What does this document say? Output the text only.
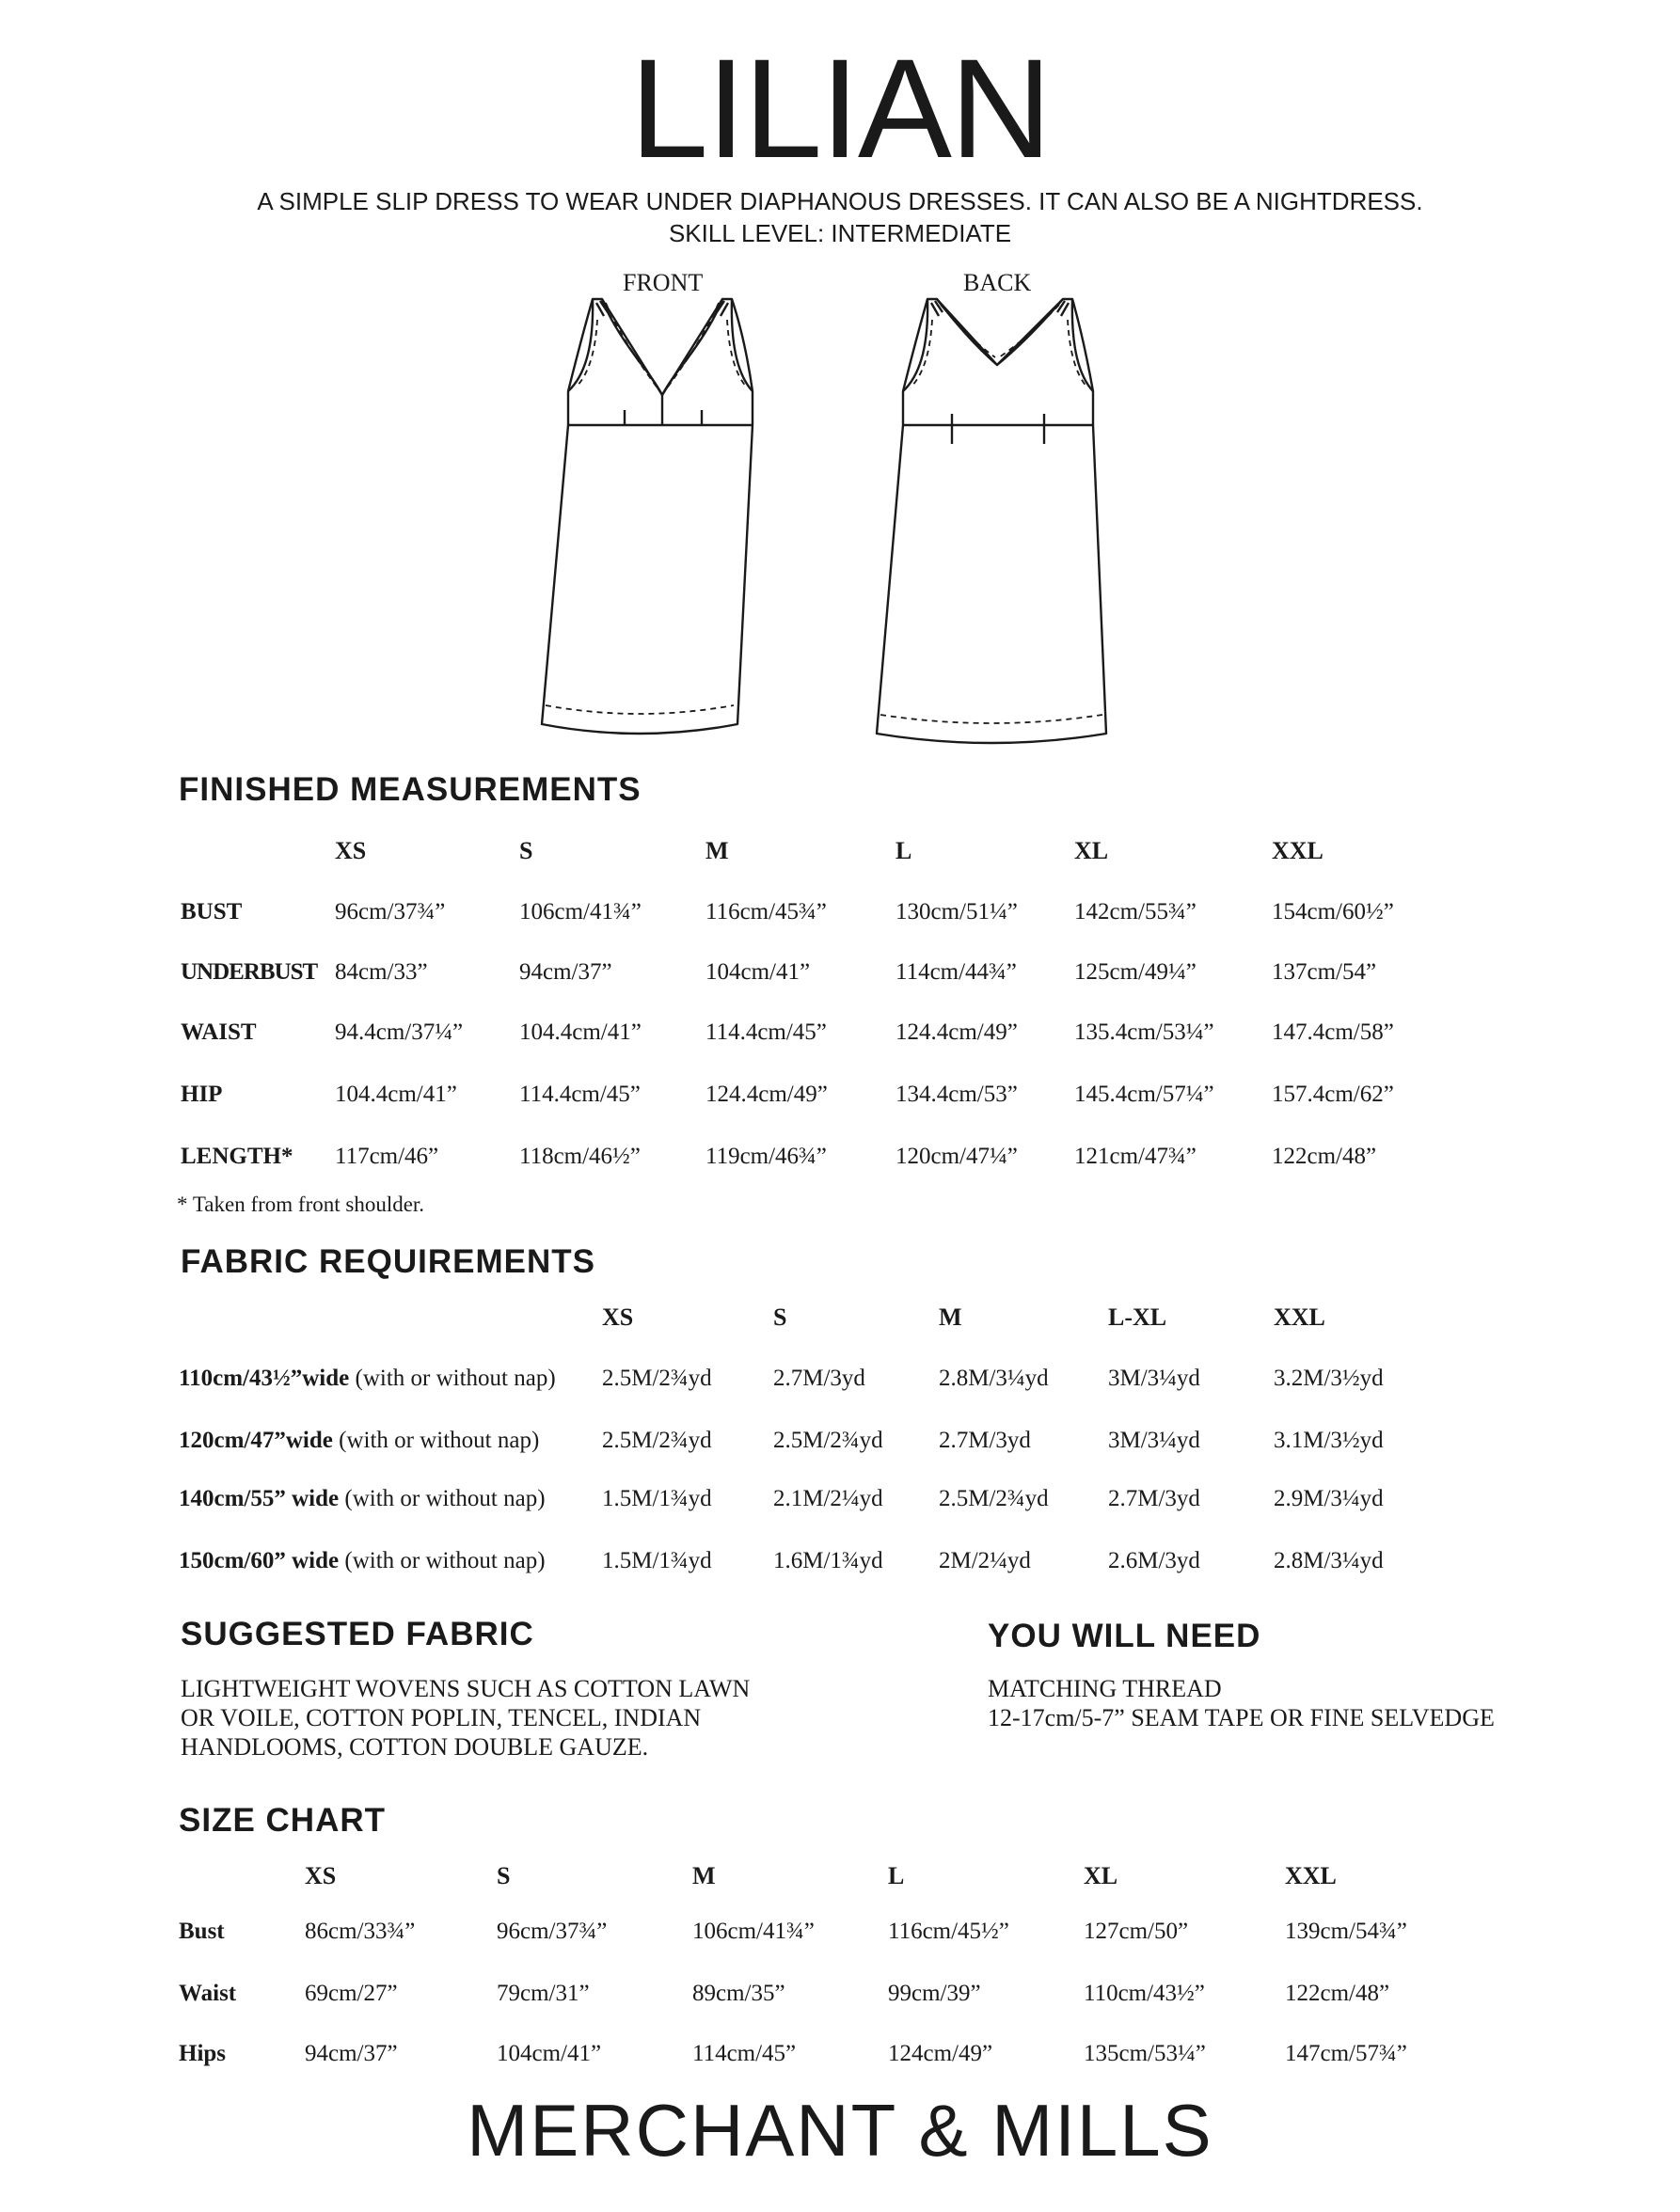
LILIAN
A SIMPLE SLIP DRESS TO WEAR UNDER DIAPHANOUS DRESSES. IT CAN ALSO BE A NIGHTDRESS.
SKILL LEVEL: INTERMEDIATE
FRONT	BACK
FINISHED MEASUREMENTS
XS	S	M	L	XL	XXL
BUST	96cm/37¾”	106cm/41¾”	116cm/45¾”	130cm/51¼” 142cm/55¾”	154cm/60½”
UNDERBUST 84cm/33”	94cm/37”	104cm/41”	114cm/44¾” 125cm/49¼”	137cm/54”
WAIST	94.4cm/37¼” 104.4cm/41”	114.4cm/45”	124.4cm/49” 135.4cm/53¼” 147.4cm/58”
HIP	104.4cm/41”	114.4cm/45”	124.4cm/49”	134.4cm/53” 145.4cm/57¼” 157.4cm/62”
LENGTH* 117cm/46”	118cm/46½”	119cm/46¾”	120cm/47¼” 121cm/47¾”	122cm/48”
* Taken from front shoulder.
FABRIC REQUIREMENTS
XS	S	M	L-XL	XXL
110cm/43½”wide (with or without nap) 2.5M/2¾yd	2.7M/3yd	2.8M/3¼yd	3M/3¼yd	3.2M/3½yd
120cm/47”wide (with or without nap)	2.5M/2¾yd	2.5M/2¾yd 2.7M/3yd	3M/3¼yd	3.1M/3½yd
140cm/55” wide (with or without nap) 1.5M/1¾yd	2.1M/2¼yd 2.5M/2¾yd	2.7M/3yd	2.9M/3¼yd
150cm/60” wide (with or without nap) 1.5M/1¾yd	1.6M/1¾yd 2M/2¼yd	2.6M/3yd	2.8M/3¼yd
SUGGESTED FABRIC
LIGHTWEIGHT WOVENS SUCH AS COTTON LAWN
OR VOILE, COTTON POPLIN, TENCEL, INDIAN
HANDLOOMS, COTTON DOUBLE GAUZE.
YOU WILL NEED
MATCHING THREAD
12-17cm/5-7” SEAM TAPE OR FINE SELVEDGE
SIZE CHART
XS	S	M	L	XL	XXL
Bust	86cm/33¾”	96cm/37¾”	106cm/41¾”	116cm/45½”	127cm/50”	139cm/54¾”
Waist	69cm/27”	79cm/31”	89cm/35”	99cm/39”	110cm/43½”	122cm/48”
Hips	94cm/37”	104cm/41”	114cm/45”	124cm/49”	135cm/53¼”	147cm/57¾”
MERCHANT & MILLS
